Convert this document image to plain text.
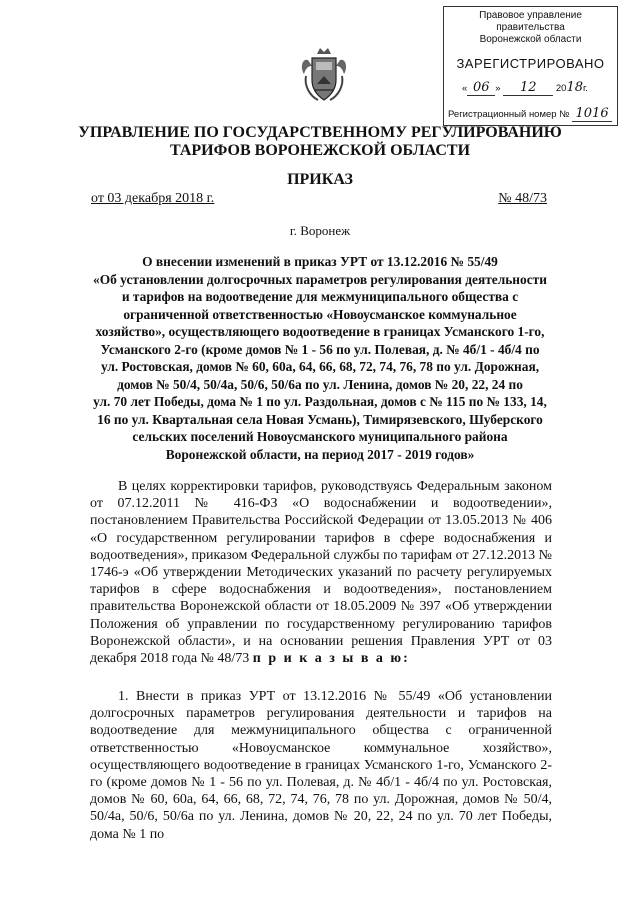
Правовое управление правительства
Воронежской области
ЗАРЕГИСТРИРОВАНО
« 06 » 12 2018г.
Регистрационный номер № 1016
УПРАВЛЕНИЕ ПО ГОСУДАРСТВЕННОМУ РЕГУЛИРОВАНИЮ
ТАРИФОВ ВОРОНЕЖСКОЙ ОБЛАСТИ
ПРИКАЗ
от 03 декабря 2018 г.	№ 48/73
г. Воронеж
О внесении изменений в приказ УРТ от 13.12.2016 № 55/49
«Об установлении долгосрочных параметров регулирования деятельности
и тарифов на водоотведение для межмуниципального общества с
ограниченной ответственностью «Новоусманское коммунальное
хозяйство», осуществляющего водоотведение в границах Усманского 1-го,
Усманского 2-го (кроме домов № 1 - 56 по ул. Полевая, д. № 4б/1 - 4б/4 по
ул. Ростовская, домов № 60, 60а, 64, 66, 68, 72, 74, 76, 78 по ул. Дорожная,
домов № 50/4, 50/4а, 50/6, 50/6а по ул. Ленина, домов № 20, 22, 24 по
ул. 70 лет Победы, дома № 1 по ул. Раздольная, домов с № 115 по № 133, 14,
16 по ул. Квартальная села Новая Усмань), Тимирязевского, Шуберского
сельских поселений Новоусманского муниципального района
Воронежской области, на период 2017 - 2019 годов»

В целях корректировки тарифов, руководствуясь Федеральным законом от 07.12.2011 № 416-ФЗ «О водоснабжении и водоотведении», постановлением Правительства Российской Федерации от 13.05.2013 № 406 «О государственном регулировании тарифов в сфере водоснабжения и водоотведения», приказом Федеральной службы по тарифам от 27.12.2013 № 1746-э «Об утверждении Методических указаний по расчету регулируемых тарифов в сфере водоснабжения и водоотведения», постановлением правительства Воронежской области от 18.05.2009 № 397 «Об утверждении Положения об управлении по государственному регулированию тарифов Воронежской области», и на основании решения Правления УРТ от 03 декабря 2018 года № 48/73 п р и к а з ы в а ю:

1. Внести в приказ УРТ от 13.12.2016 № 55/49 «Об установлении долгосрочных параметров регулирования деятельности и тарифов на водоотведение для межмуниципального общества с ограниченной ответственностью «Новоусманское коммунальное хозяйство», осуществляющего водоотведение в границах Усманского 1-го, Усманского 2-го (кроме домов № 1 - 56 по ул. Полевая, д. № 4б/1 - 4б/4 по ул. Ростовская, домов № 60, 60а, 64, 66, 68, 72, 74, 76, 78 по ул. Дорожная, домов № 50/4, 50/4а, 50/6, 50/6а по ул. Ленина, домов № 20, 22, 24 по ул. 70 лет Победы, дома № 1 по
